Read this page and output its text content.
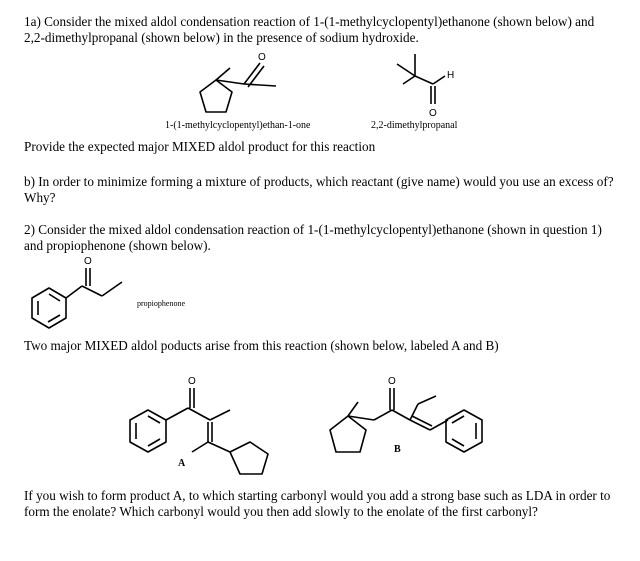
1a) Consider the mixed aldol condensation reaction of 1-(1-methylcyclopentyl)ethanone (shown below) and 2,2-dimethylpropanal (shown below) in the presence of sodium hydroxide.

O
H
O
1-(1-methylcyclopentyl)ethan-1-one	2,2-dimethylpropanal

Provide the expected major MIXED aldol product for this reaction

b) In order to minimize forming a mixture of products, which reactant (give name) would you use an excess of? Why?

2) Consider the mixed aldol condensation reaction of 1-(1-methylcyclopentyl)ethanone (shown in question 1) and propiophenone (shown below).

O
propiophenone

Two major MIXED aldol poducts arise from this reaction (shown below, labeled A and B)

O
A
O
B

If you wish to form product A, to which starting carbonyl would you add a strong base such as LDA in order to form the enolate? Which carbonyl would you then add slowly to the enolate of the first carbonyl?
